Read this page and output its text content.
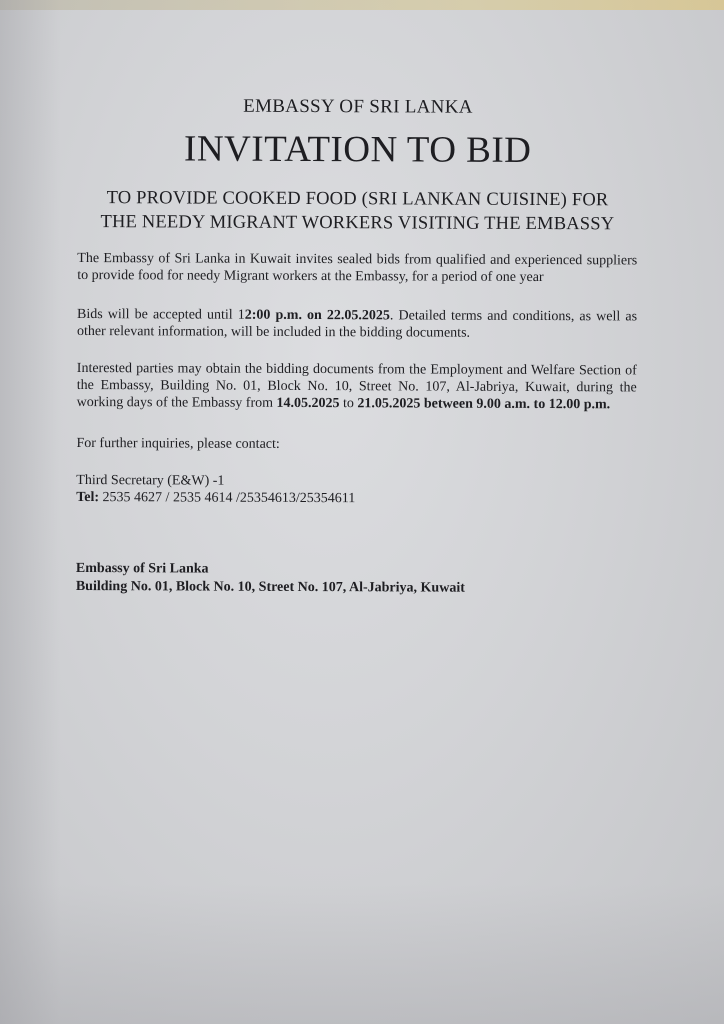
EMBASSY OF SRI LANKA

INVITATION TO BID
TO PROVIDE COOKED FOOD (SRI LANKAN CUISINE) FOR
THE NEEDY MIGRANT WORKERS VISITING THE EMBASSY

The Embassy of Sri Lanka in Kuwait invites sealed bids from qualified and experienced suppliers to provide food for needy Migrant workers at the Embassy, for a period of one year

Bids will be accepted until 12:00 p.m. on 22.05.2025. Detailed terms and conditions, as well as other relevant information, will be included in the bidding documents.

Interested parties may obtain the bidding documents from the Employment and Welfare Section of the Embassy, Building No. 01, Block No. 10, Street No. 107, Al-Jabriya, Kuwait, during the working days of the Embassy from 14.05.2025 to 21.05.2025 between 9.00 a.m. to 12.00 p.m.

For further inquiries, please contact:

Third Secretary (E&W) -1
Tel: 2535 4627 / 2535 4614 /25354613/25354611
Embassy of Sri Lanka
Building No. 01, Block No. 10, Street No. 107, Al-Jabriya, Kuwait
